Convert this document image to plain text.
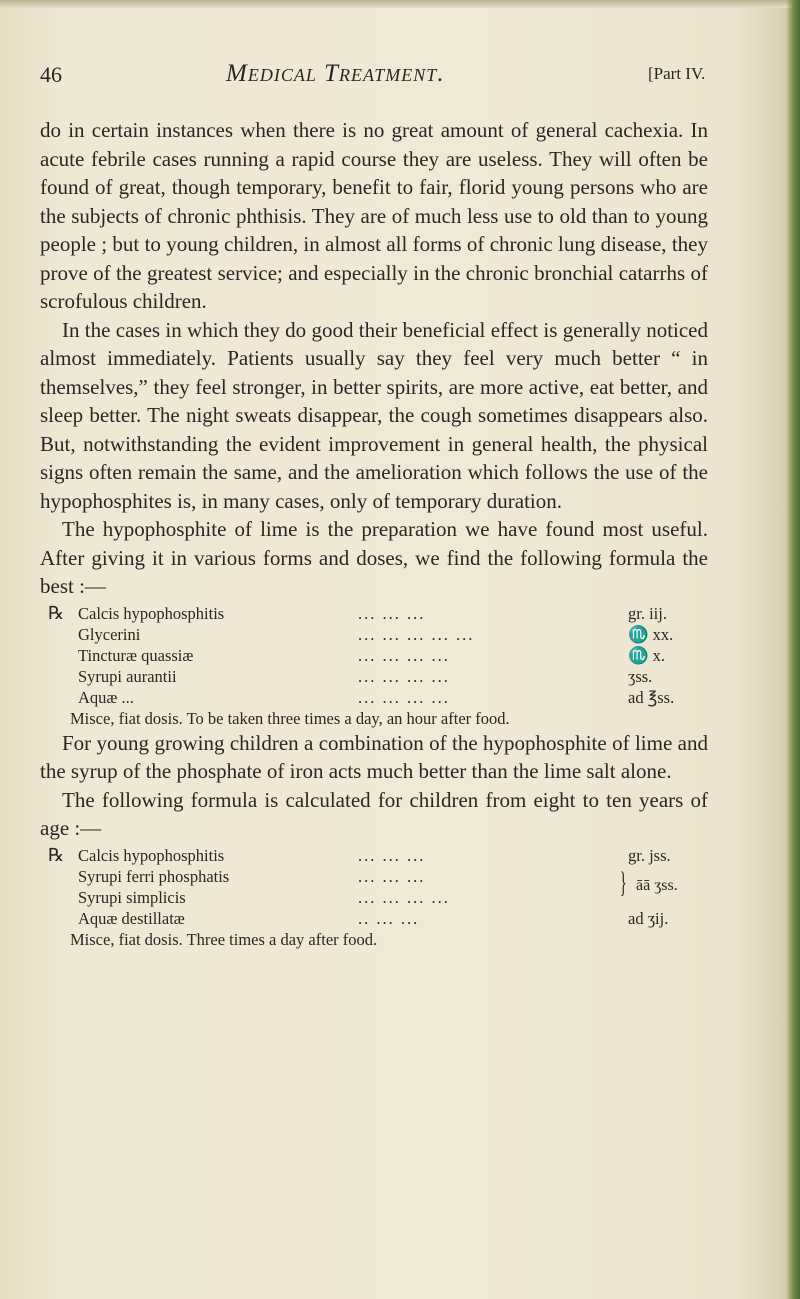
46	Medical Treatment.	[Part IV.

do in certain instances when there is no great amount of general cachexia. In acute febrile cases running a rapid course they are useless. They will often be found of great, though temporary, benefit to fair, florid young persons who are the subjects of chronic phthisis. They are of much less use to old than to young people ; but to young children, in almost all forms of chronic lung disease, they prove of the greatest service; and especially in the chronic bronchial catarrhs of scrofulous children.

In the cases in which they do good their beneficial effect is generally noticed almost immediately. Patients usually say they feel very much better “ in themselves,” they feel stronger, in better spirits, are more active, eat better, and sleep better. The night sweats disappear, the cough sometimes disappears also. But, notwithstanding the evident improvement in general health, the physical signs often remain the same, and the amelioration which follows the use of the hypophosphites is, in many cases, only of temporary duration.

The hypophosphite of lime is the preparation we have found most useful. After giving it in various forms and doses, we find the following formula the best :—

℞ Calcis hypophosphitis	... ... ...	gr. iij.
Glycerini	... ... ... ... ...	♏ xx.
Tincturæ quassiæ	... ... ... ...	♏ x.
Syrupi aurantii	... ... ... ...	ʒss.
Aquæ ...	... ... ... ...	ad ℥ss.

Misce, fiat dosis. To be taken three times a day, an hour after food.

For young growing children a combination of the hypophosphite of lime and the syrup of the phosphate of iron acts much better than the lime salt alone.

The following formula is calculated for children from eight to ten years of age :—

℞ Calcis hypophosphitis	... ... ...	gr. jss.
Syrupi ferri phosphatis	... ... ...
Syrupi simplicis	... ... ... ...	} āā ʒss.
Aquæ destillatæ	.. ... ...	ad ʒij.

Misce, fiat dosis. Three times a day after food.
